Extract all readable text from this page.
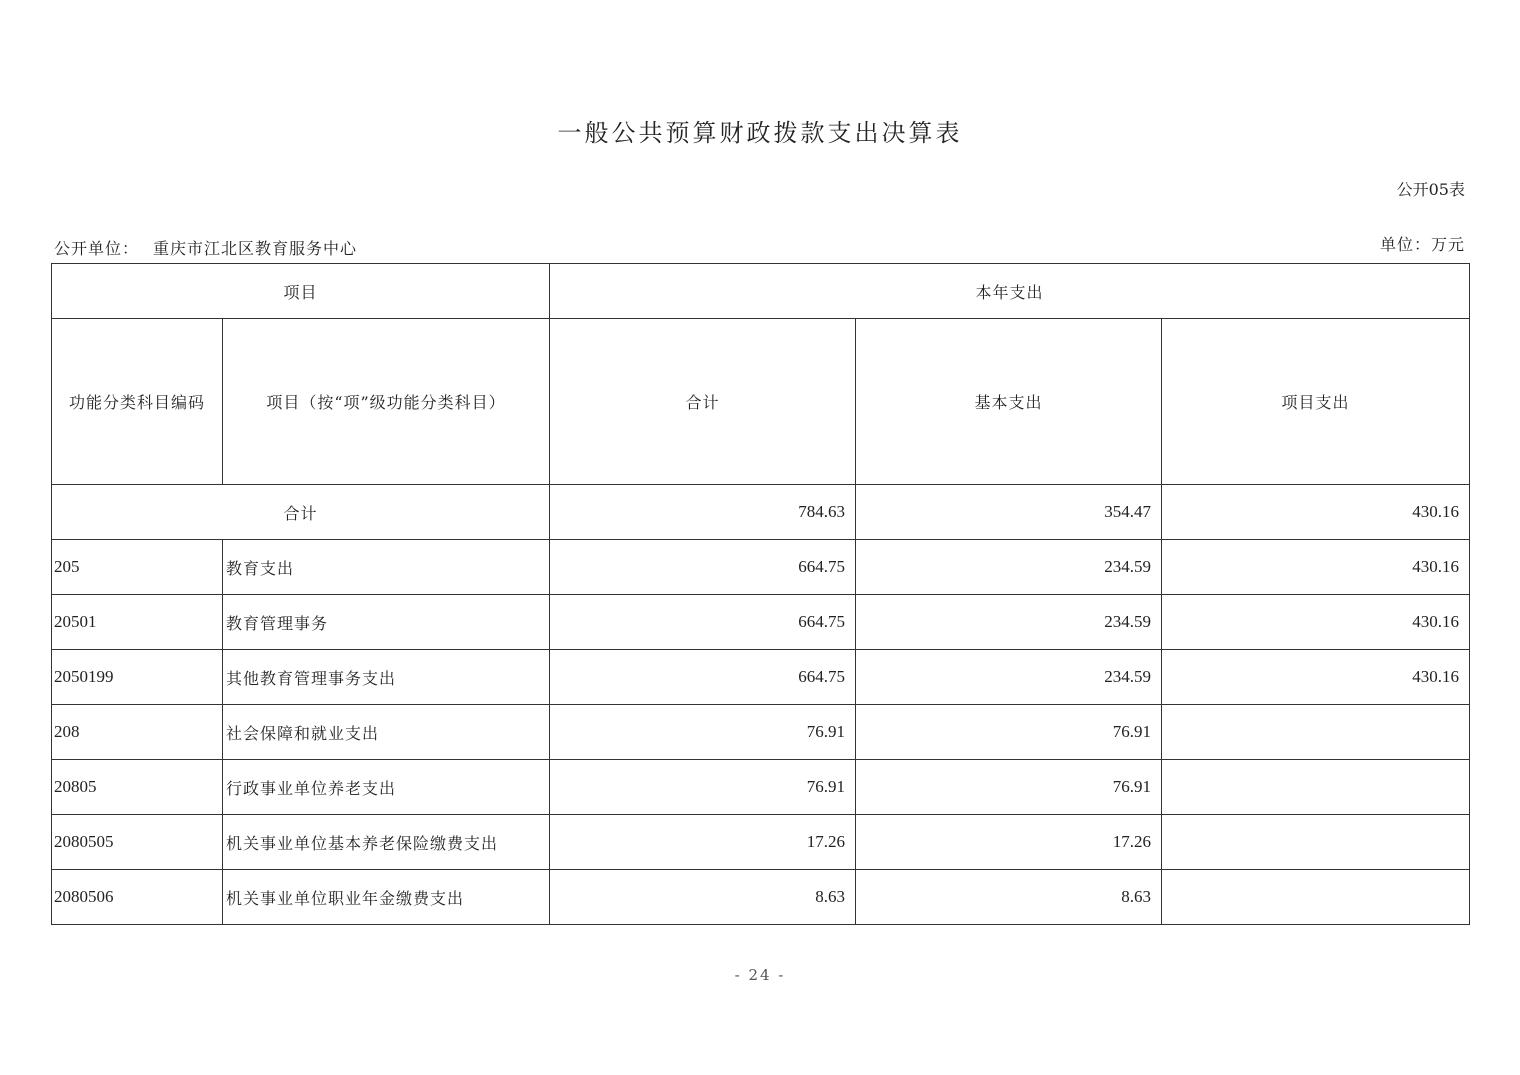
一般公共预算财政拨款支出决算表
公开05表
公开单位： 重庆市江北区教育服务中心	单位：万元
项目		本年支出		
功能分类科目编码	项目（按“项”级功能分类科目）	合计	基本支出	项目支出
合计		784.63	354.47	430.16
205	教育支出	664.75	234.59	430.16
20501	教育管理事务	664.75	234.59	430.16
2050199	其他教育管理事务支出	664.75	234.59	430.16
208	社会保障和就业支出	76.91	76.91	
20805	行政事业单位养老支出	76.91	76.91	
2080505	机关事业单位基本养老保险缴费支出	17.26	17.26	
2080506	机关事业单位职业年金缴费支出	8.63	8.63	
- 24 -
